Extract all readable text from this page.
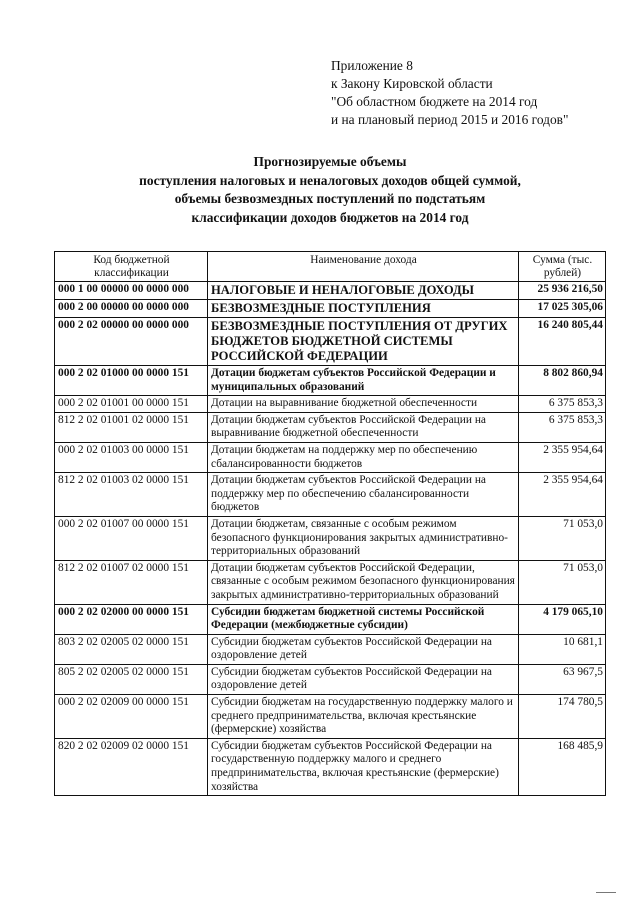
Приложение 8
к Закону Кировской области
"Об областном бюджете на 2014 год
и на плановый период 2015 и 2016 годов"
Прогнозируемые объемы
поступления налоговых и неналоговых доходов общей суммой,
объемы безвозмездных поступлений по подстатьям
классификации доходов бюджетов на 2014 год
Код бюджетной классификации	Наименование дохода	Сумма (тыс. рублей)
000 1 00 00000 00 0000 000	НАЛОГОВЫЕ И НЕНАЛОГОВЫЕ ДОХОДЫ	25 936 216,50
000 2 00 00000 00 0000 000	БЕЗВОЗМЕЗДНЫЕ ПОСТУПЛЕНИЯ	17 025 305,06
000 2 02 00000 00 0000 000	БЕЗВОЗМЕЗДНЫЕ ПОСТУПЛЕНИЯ ОТ ДРУГИХ БЮДЖЕТОВ БЮДЖЕТНОЙ СИСТЕМЫ РОССИЙСКОЙ ФЕДЕРАЦИИ	16 240 805,44
000 2 02 01000 00 0000 151	Дотации бюджетам субъектов Российской Федерации и муниципальных образований	8 802 860,94
000 2 02 01001 00 0000 151	Дотации на выравнивание бюджетной обеспеченности	6 375 853,3
812 2 02 01001 02 0000 151	Дотации бюджетам субъектов Российской Федерации на выравнивание бюджетной обеспеченности	6 375 853,3
000 2 02 01003 00 0000 151	Дотации бюджетам на поддержку мер по обеспечению сбалансированности бюджетов	2 355 954,64
812 2 02 01003 02 0000 151	Дотации бюджетам субъектов Российской Федерации на поддержку мер по обеспечению сбалансированности бюджетов	2 355 954,64
000 2 02 01007 00 0000 151	Дотации бюджетам, связанные с особым режимом безопасного функционирования закрытых административно-территориальных образований	71 053,0
812 2 02 01007 02 0000 151	Дотации бюджетам субъектов Российской Федерации, связанные с особым режимом безопасного функционирования закрытых административно-территориальных образований	71 053,0
000 2 02 02000 00 0000 151	Субсидии бюджетам бюджетной системы Российской Федерации (межбюджетные субсидии)	4 179 065,10
803 2 02 02005 02 0000 151	Субсидии бюджетам субъектов Российской Федерации на оздоровление детей	10 681,1
805 2 02 02005 02 0000 151	Субсидии бюджетам субъектов Российской Федерации на оздоровление детей	63 967,5
000 2 02 02009 00 0000 151	Субсидии бюджетам на государственную поддержку малого и среднего предпринимательства, включая крестьянские (фермерские) хозяйства	174 780,5
820 2 02 02009 02 0000 151	Субсидии бюджетам субъектов Российской Федерации на государственную поддержку малого и среднего предпринимательства, включая крестьянские (фермерские) хозяйства	168 485,9
